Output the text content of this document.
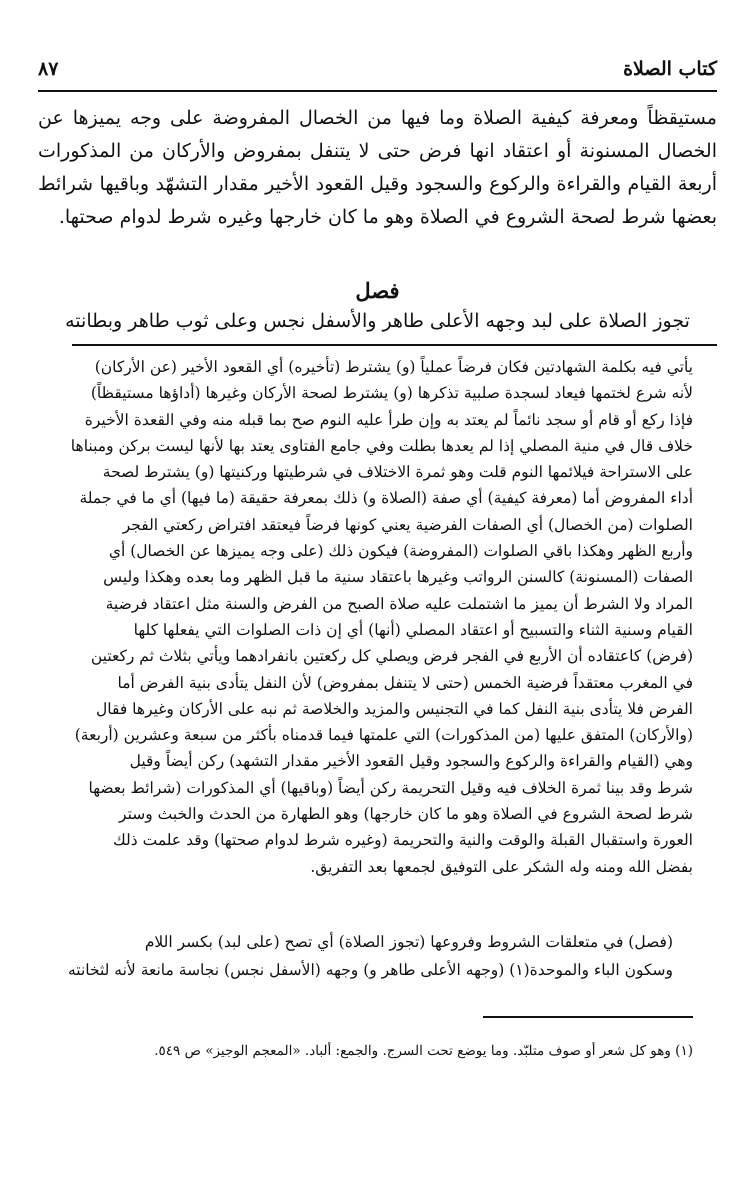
كتاب الصلاة
٨٧

مستيقظاً ومعرفة كيفية الصلاة وما فيها من الخصال المفروضة على وجه يميزها عن الخصال المسنونة أو اعتقاد انها فرض حتى لا يتنفل بمفروض والأركان من المذكورات أربعة القيام والقراءة والركوع والسجود وقيل القعود الأخير مقدار التشهّد وباقيها شرائط بعضها شرط لصحة الشروع في الصلاة وهو ما كان خارجها وغيره شرط لدوام صحتها.

فصل
تجوز الصلاة على لبد وجهه الأعلى طاهر والأسفل نجس وعلى ثوب طاهر وبطانته

يأتي فيه بكلمة الشهادتين فكان فرضاً عملياً (و) يشترط (تأخيره) أي القعود الأخير (عن الأركان)

لأنه شرع لختمها فيعاد لسجدة صلبية تذكرها (و) يشترط لصحة الأركان وغيرها (أداؤها مستيقظاً)

فإذا ركع أو قام أو سجد نائماً لم يعتد به وإن طرأ عليه النوم صح بما قبله منه وفي القعدة الأخيرة

خلاف قال في منية المصلي إذا لم يعدها بطلت وفي جامع الفتاوى يعتد بها لأنها ليست بركن ومبناها

على الاستراحة فيلائمها النوم قلت وهو ثمرة الاختلاف في شرطيتها وركنيتها (و) يشترط لصحة

أداء المفروض أما (معرفة كيفية) أي صفة (الصلاة و) ذلك بمعرفة حقيقة (ما فيها) أي ما في جملة

الصلوات (من الخصال) أي الصفات الفرضية يعني كونها فرضاً فيعتقد افتراض ركعتي الفجر

وأربع الظهر وهكذا باقي الصلوات (المفروضة) فيكون ذلك (على وجه يميزها عن الخصال) أي

الصفات (المسنونة) كالسنن الرواتب وغيرها باعتقاد سنية ما قبل الظهر وما بعده وهكذا وليس

المراد ولا الشرط أن يميز ما اشتملت عليه صلاة الصبح من الفرض والسنة مثل اعتقاد فرضية

القيام وسنية الثناء والتسبيح أو اعتقاد المصلي (أنها) أي إن ذات الصلوات التي يفعلها كلها

(فرض) كاعتقاده أن الأربع في الفجر فرض ويصلي كل ركعتين بانفرادهما ويأتي بثلاث ثم ركعتين

في المغرب معتقداً فرضية الخمس (حتى لا يتنفل بمفروض) لأن النفل يتأدى بنية الفرض أما

الفرض فلا يتأدى بنية النفل كما في التجنيس والمزيد والخلاصة ثم نبه على الأركان وغيرها فقال

(والأركان) المتفق عليها (من المذكورات) التي علمتها فيما قدمناه بأكثر من سبعة وعشرين (أربعة)

وهي (القيام والقراءة والركوع والسجود وقيل القعود الأخير مقدار التشهد) ركن أيضاً وقيل

شرط وقد بينا ثمرة الخلاف فيه وقيل التحريمة ركن أيضاً (وباقيها) أي المذكورات (شرائط بعضها

شرط لصحة الشروع في الصلاة وهو ما كان خارجها) وهو الطهارة من الحدث والخبث وستر

العورة واستقبال القبلة والوقت والنية والتحريمة (وغيره شرط لدوام صحتها) وقد علمت ذلك

بفضل الله ومنه وله الشكر على التوفيق لجمعها بعد التفريق.

(فصل) في متعلقات الشروط وفروعها (تجوز الصلاة) أي تصح (على لبد) بكسر اللام

وسكون الباء والموحدة(١) (وجهه الأعلى طاهر و) وجهه (الأسفل نجس) نجاسة مانعة لأنه لثخانته

(١) وهو كل شعر أو صوف متلبّد. وما يوضع تحت السرج. والجمع: ألباد. «المعجم الوجيز» ص ٥٤٩.
